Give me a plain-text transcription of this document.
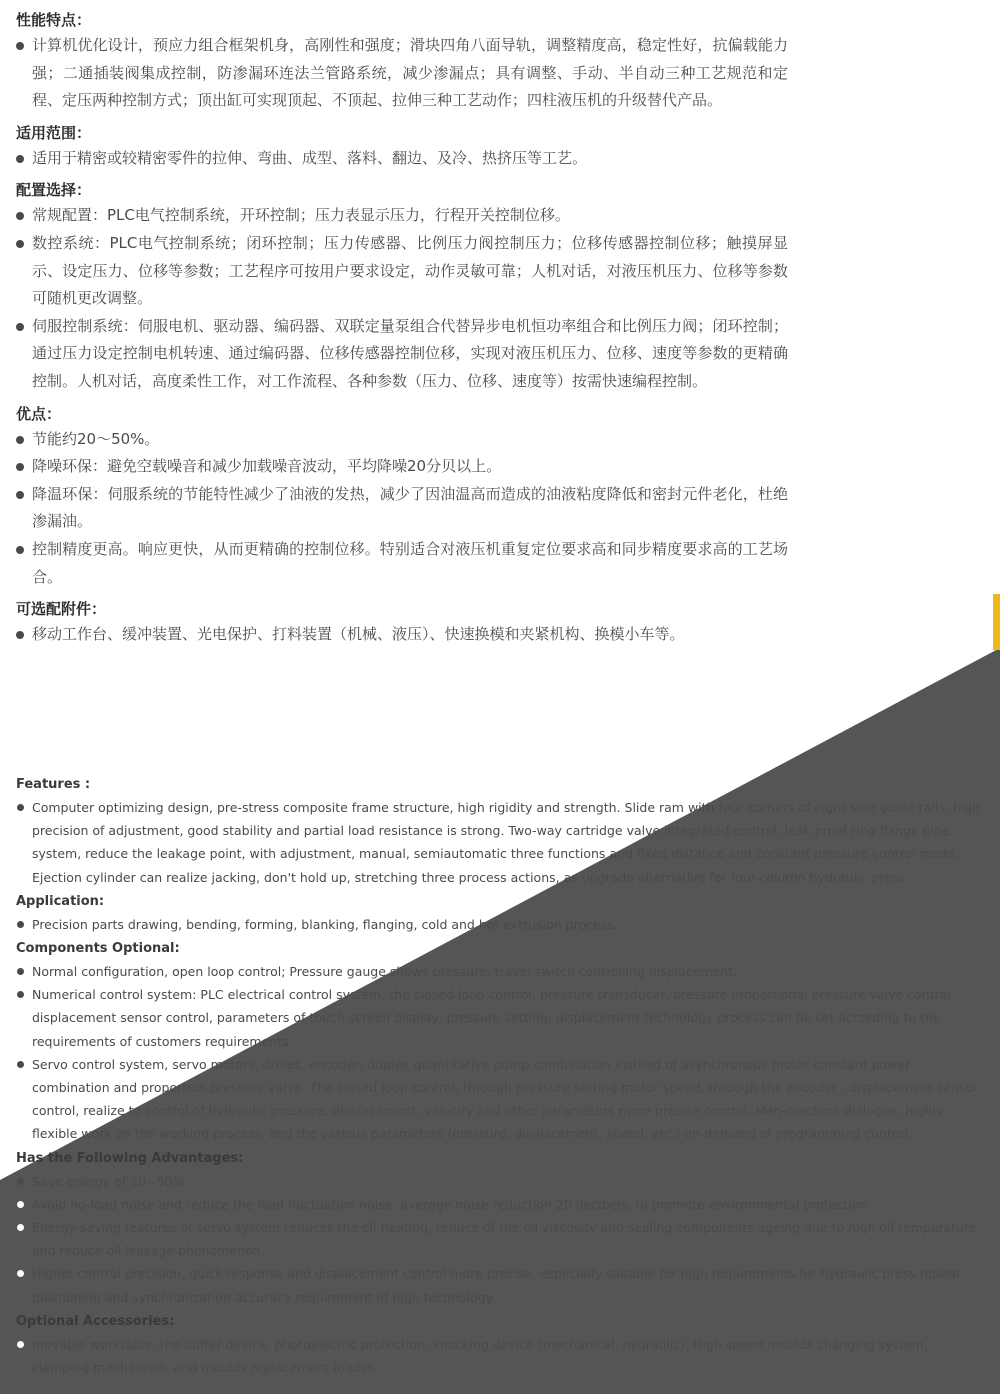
性能特点：
计算机优化设计，预应力组合框架机身，高刚性和强度；滑块四角八面导轨，调整精度高，稳定性好，抗偏载能力强；二通插装阀集成控制，防渗漏环连法兰管路系统，减少渗漏点；具有调整、手动、半自动三种工艺规范和定程、定压两种控制方式；顶出缸可实现顶起、不顶起、拉伸三种工艺动作；四柱液压机的升级替代产品。
适用范围：
适用于精密或较精密零件的拉伸、弯曲、成型、落料、翻边、及冷、热挤压等工艺。
配置选择：
常规配置：PLC电气控制系统，开环控制；压力表显示压力，行程开关控制位移。
数控系统：PLC电气控制系统；闭环控制；压力传感器、比例压力阀控制压力；位移传感器控制位移；触摸屏显示、设定压力、位移等参数；工艺程序可按用户要求设定，动作灵敏可靠；人机对话，对液压机压力、位移等参数可随机更改调整。
伺服控制系统：伺服电机、驱动器、编码器、双联定量泵组合代替异步电机恒功率组合和比例压力阀；闭环控制；通过压力设定控制电机转速、通过编码器、位移传感器控制位移，实现对液压机压力、位移、速度等参数的更精确控制。人机对话，高度柔性工作，对工作流程、各种参数（压力、位移、速度等）按需快速编程控制。
优点：
节能约20～50%。
降噪环保：避免空载噪音和减少加载噪音波动，平均降噪20分贝以上。
降温环保：伺服系统的节能特性减少了油液的发热，减少了因油温高而造成的油液粘度降低和密封元件老化，杜绝渗漏油。
控制精度更高。响应更快，从而更精确的控制位移。特别适合对液压机重复定位要求高和同步精度要求高的工艺场合。
可选配附件：
移动工作台、缓冲装置、光电保护、打料装置（机械、液压）、快速换模和夹紧机构、换模小车等。
Features :
Computer optimizing design, pre-stress composite frame structure, high rigidity and strength. Slide ram with four corners of eight side guide rails, high precision of adjustment, good stability and partial load resistance is strong. Two-way cartridge valve integrated control, leak proof ring flange pipe system, reduce the leakage point, with adjustment, manual, semiautomatic three functions and fixed distance and constant pressure control mode. Ejection cylinder can realize jacking, don't hold up, stretching three process actions, as upgrade alternative for four-column hydraulic press.
Application:
Precision parts drawing, bending, forming, blanking, flanging, cold and hot extrusion process.
Components Optional:
Normal configuration, open loop control; Pressure gauge shows pressure, travel switch controlling displacement.
Numerical control system: PLC electrical control system, the closed loop control, pressure transducer, pressure proportional pressure valve control, displacement sensor control, parameters of touch screen display, pressure setting, displacement technology process can be set according to the requirements of customers requirements.
Servo control system, servo motors, drives, encoder, duplex quantitative pump combination instead of asynchronous motor constant power combination and proportion pressure valve. The closed loop control, through pressure setting motor speed, through the encoder , displacement sensor control, realize to control of hydraulic pressure, displacement, velocity and other parameters more precise control. Man-machine dialogue, highly flexible work on the working process, and the various parameters (pressure, displacement, speed, etc.) on-demand of programming control.
Has the Following Advantages:
Save energy of 20~50%.
Avoid no-load noise and reduce the load fluctuation noise, average noise reduction 20 decibels, to promote environmental protection.
Energy-saving features of servo system reduces the oil heating, reduce of the oil viscosity and sealing components ageing due to high oil temperature, and reduce oil leakage phenomenon.
Higher control precision, quick response and displacement control more precise, especially suitable for high requirements for hydraulic press repeat positioning and synchronization accuracy requirement of high technology.
Optional Accessories:
movable worktable, the buffer device, photoelectric protection, knocking device (mechanical, hydraulic), High speed moulds changing system, clamping mechanism, and moulds replacement loader.
